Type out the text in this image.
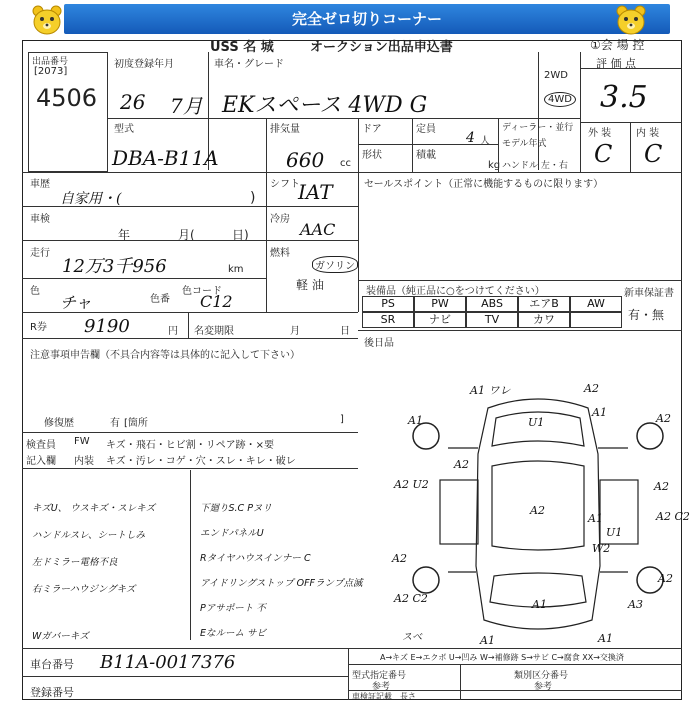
完全ゼロ切りコーナー
USS 名 城	オークション出品申込書	①会 場 控
出品番号
[2073]
4506
初度登録年月
26 7月
車名・グレード
EKスペース 4WD G
2WD
4WD
評 価 点
3.5
外 装 内 装
C C
型式
DBA-B11A
排気量
660 cc
ドア
形状
定員
4 人
積載
kg
ディーラー・並行
モデル年式
ハンドル 左・右
車歴
自家用・(	)
シフト
IAT	セールスポイント（正常に機能するものに限ります）
車検
年	月(	日)
冷房
AAC
走行
12万3千956	km
燃料
ガソリン
軽 油
色
チャ	色番
色コード
C12
装備品（純正品に○をつけてください）
PS	PW	ABS	エアB	AW
SR	ナビ	TV	カワ
新車保証書
有・無
R券 9190	円 名変期限	月	日
後日品
注意事項申告欄（不具合内容等は具体的に記入して下さい）
修復歴	有 [箇所	]
検査員
記入欄
FW キズ・飛石・ヒビ割・リペア跡・×要
内装 キズ・汚レ・コゲ・穴・スレ・キレ・破レ
キズU、 ウスキズ・スレキズ
ハンドルスレ、シートしみ
左ドミラー電格不良
右ミラーハウジングキズ
Wガバーキズ
下廻りS.C Pヌリ
エンドパネルU
Rタイヤハウスインナー C
アイドリングストップ OFFランプ点滅
Pアサポート 不
Eなルーム サビ
A1 ワレ	A2
U1
A1	A2
A1
A2
A2 U2
A2
A2
A2 C2
A1
U1
W2
A2
A1
A2 C2	A3
A1
A2
A1
スベ
車台番号 B11A-0017376
登録番号
A→キズ E→エクボ U→凹み W→補修跡 S→サビ C→腐食 XX→交換済
型式指定番号
参考
類別区分番号
参考
車検証記載 長さ
